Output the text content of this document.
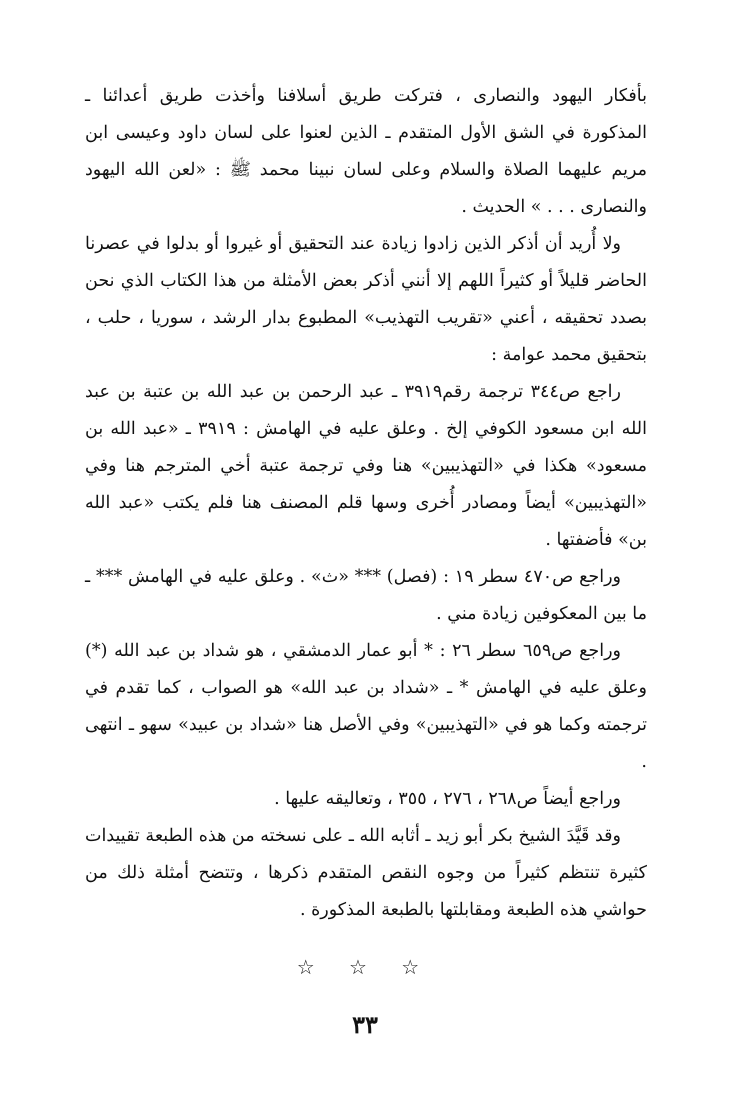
بأفكار اليهود والنصارى ، فتركت طريق أسلافنا وأخذت طريق أعدائنا ـ المذكورة في الشق الأول المتقدم ـ الذين لعنوا على لسان داود وعيسى ابن مريم عليهما الصلاة والسلام وعلى لسان نبينا محمد ﷺ : «لعن الله اليهود والنصارى . . . » الحديث .

ولا أُريد أن أذكر الذين زادوا زيادة عند التحقيق أو غيروا أو بدلوا في عصرنا الحاضر قليلاً أو كثيراً اللهم إلا أنني أذكر بعض الأمثلة من هذا الكتاب الذي نحن بصدد تحقيقه ، أعني «تقريب التهذيب» المطبوع بدار الرشد ، سوريا ، حلب ، بتحقيق محمد عوامة :

راجع ص٣٤٤ ترجمة رقم٣٩١٩ ـ عبد الرحمن بن عبد الله بن عتبة بن عبد الله ابن مسعود الكوفي إلخ . وعلق عليه في الهامش : ٣٩١٩ ـ «عبد الله بن مسعود» هكذا في «التهذيبين» هنا وفي ترجمة عتبة أخي المترجم هنا وفي «التهذيبين» أيضاً ومصادر أُخرى وسها قلم المصنف هنا فلم يكتب «عبد الله بن» فأضفتها .

وراجع ص٤٧٠ سطر ١٩ : (فصل) *** «ث» . وعلق عليه في الهامش *** ـ ما بين المعكوفين زيادة مني .

وراجع ص٦٥٩ سطر ٢٦ : * أبو عمار الدمشقي ، هو شداد بن عبد الله (*) وعلق عليه في الهامش * ـ «شداد بن عبد الله» هو الصواب ، كما تقدم في ترجمته وكما هو في «التهذيبين» وفي الأصل هنا «شداد بن عبيد» سهو ـ انتهى .

وراجع أيضاً ص٢٦٨ ، ٢٧٦ ، ٣٥٥ ، وتعاليقه عليها .

وقد قَيَّدَ الشيخ بكر أبو زيد ـ أثابه الله ـ على نسخته من هذه الطبعة تقييدات كثيرة تنتظم كثيراً من وجوه النقص المتقدم ذكرها ، وتتضح أمثلة ذلك من حواشي هذه الطبعة ومقابلتها بالطبعة المذكورة .

☆ ☆ ☆
٣٣
